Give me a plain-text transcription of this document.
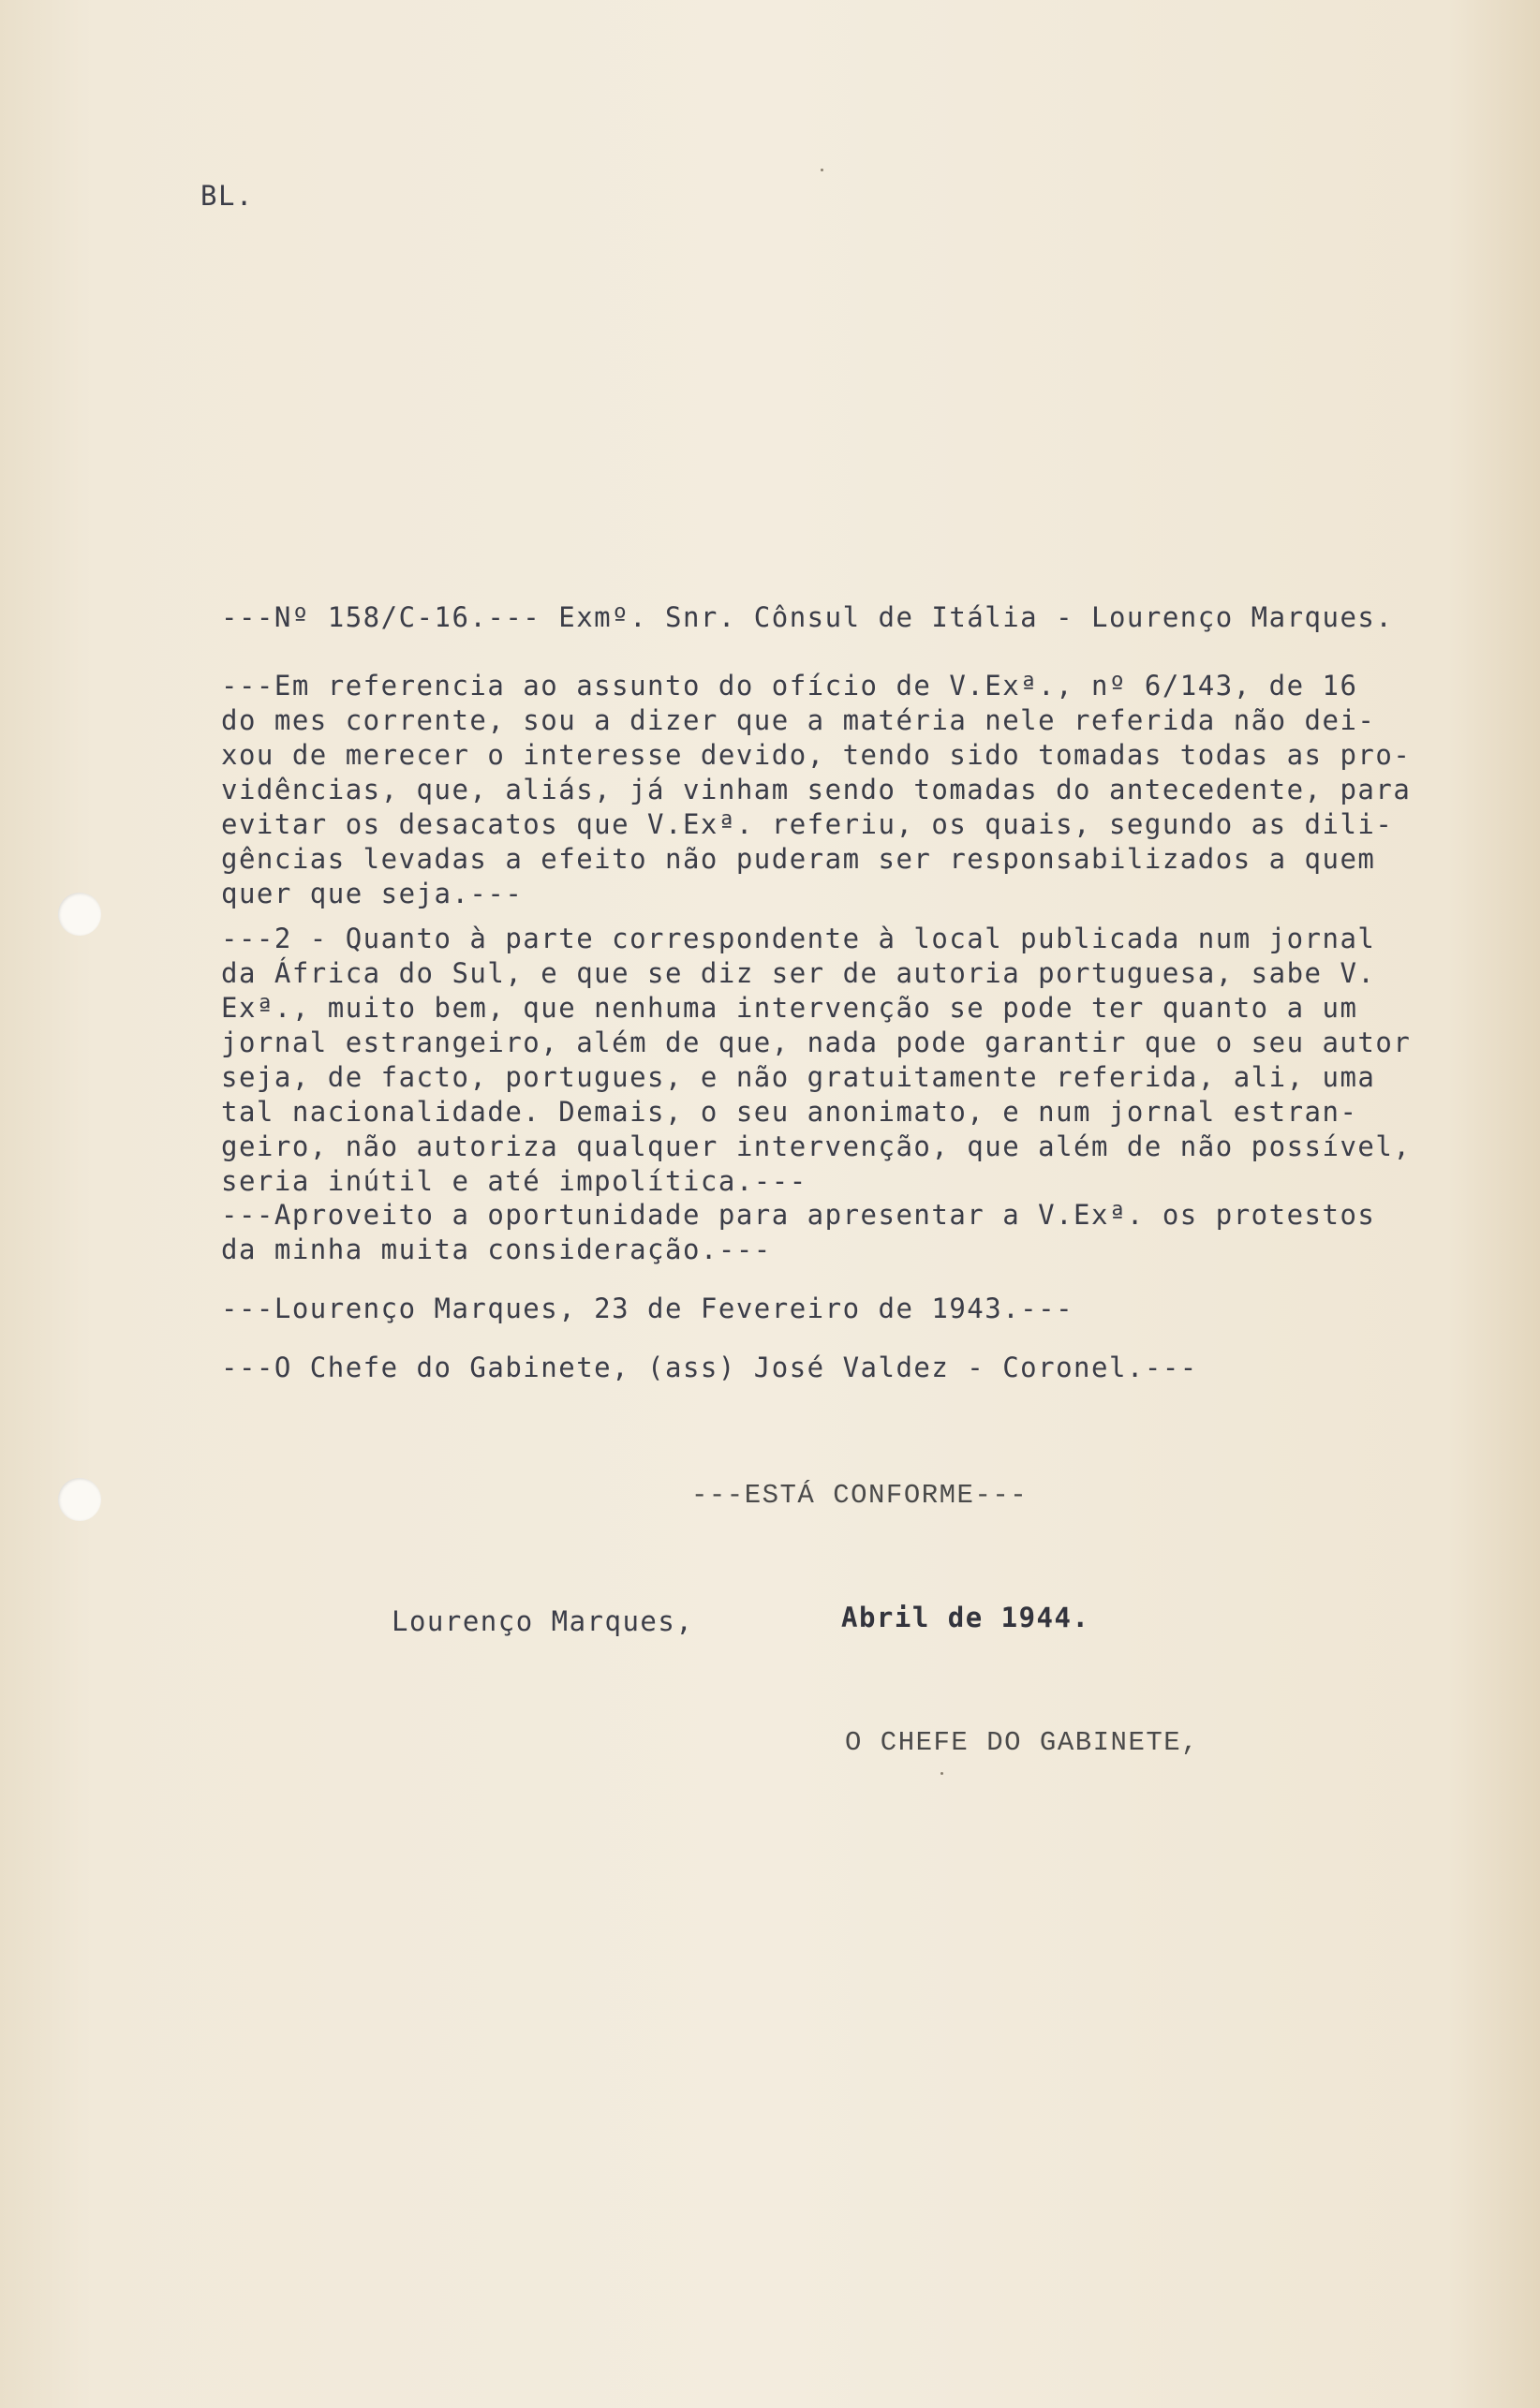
BL.
---Nº 158/C-16.--- Exmº. Snr. Cônsul de Itália - Lourenço Marques.
---Em referencia ao assunto do ofício de V.Exª., nº 6/143, de 16
do mes corrente, sou a dizer que a matéria nele referida não dei-
xou de merecer o interesse devido, tendo sido tomadas todas as pro-
vidências, que, aliás, já vinham sendo tomadas do antecedente, para
evitar os desacatos que V.Exª. referiu, os quais, segundo as dili-
gências levadas a efeito não puderam ser responsabilizados a quem
quer que seja.---
---2 - Quanto à parte correspondente à local publicada num jornal
da África do Sul, e que se diz ser de autoria portuguesa, sabe V.
Exª., muito bem, que nenhuma intervenção se pode ter quanto a um
jornal estrangeiro, além de que, nada pode garantir que o seu autor
seja, de facto, portugues, e não gratuitamente referida, ali, uma
tal nacionalidade. Demais, o seu anonimato, e num jornal estran-
geiro, não autoriza qualquer intervenção, que além de não possível,
seria inútil e até impolítica.---
---Aproveito a oportunidade para apresentar a V.Exª. os protestos
da minha muita consideração.---
---Lourenço Marques, 23 de Fevereiro de 1943.---
---O Chefe do Gabinete, (ass) José Valdez - Coronel.---
---ESTÁ CONFORME---
Lourenço Marques,	Abril de 1944.
O CHEFE DO GABINETE,
